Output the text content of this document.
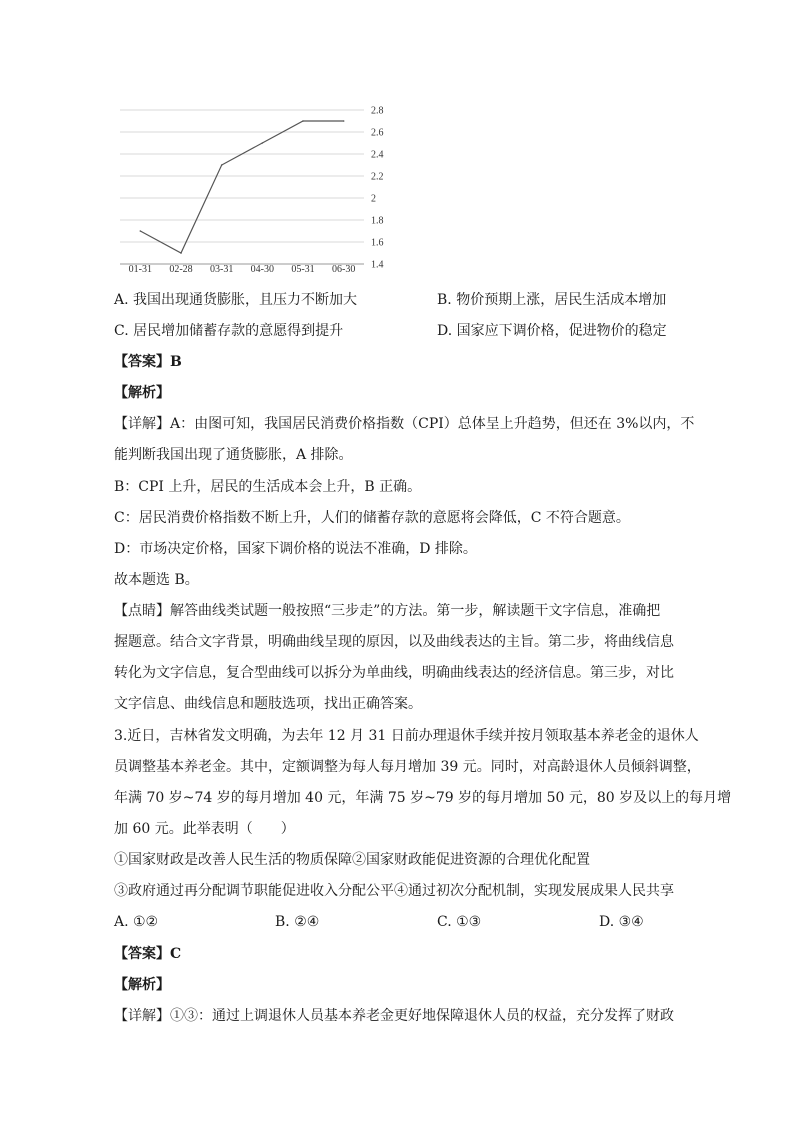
2.8
2.6
2.4
2.2
2
1.8
1.6
1.4
01-31 02-28 03-31 04-30 05-31 06-30
A. 我国出现通货膨胀，且压力不断加大	B. 物价预期上涨，居民生活成本增加
C. 居民增加储蓄存款的意愿得到提升	D. 国家应下调价格，促进物价的稳定
【答案】B
【解析】
【详解】A：由图可知，我国居民消费价格指数（CPI）总体呈上升趋势，但还在 3%以内，不
能判断我国出现了通货膨胀，A 排除。
B：CPI 上升，居民的生活成本会上升，B 正确。
C：居民消费价格指数不断上升，人们的储蓄存款的意愿将会降低，C 不符合题意。
D：市场决定价格，国家下调价格的说法不准确，D 排除。
故本题选 B。
【点睛】解答曲线类试题一般按照“三步走”的方法。第一步，解读题干文字信息，准确把
握题意。结合文字背景，明确曲线呈现的原因，以及曲线表达的主旨。第二步，将曲线信息
转化为文字信息，复合型曲线可以拆分为单曲线，明确曲线表达的经济信息。第三步，对比
文字信息、曲线信息和题肢选项，找出正确答案。
3.近日，吉林省发文明确，为去年 12 月 31 日前办理退休手续并按月领取基本养老金的退休人
员调整基本养老金。其中，定额调整为每人每月增加 39 元。同时，对高龄退休人员倾斜调整，
年满 70 岁~74 岁的每月增加 40 元，年满 75 岁~79 岁的每月增加 50 元，80 岁及以上的每月增
加 60 元。此举表明（　　）
①国家财政是改善人民生活的物质保障②国家财政能促进资源的合理优化配置
③政府通过再分配调节职能促进收入分配公平④通过初次分配机制，实现发展成果人民共享
A. ①②	B. ②④	C. ①③	D. ③④
【答案】C
【解析】
【详解】①③：通过上调退休人员基本养老金更好地保障退休人员的权益，充分发挥了财政
